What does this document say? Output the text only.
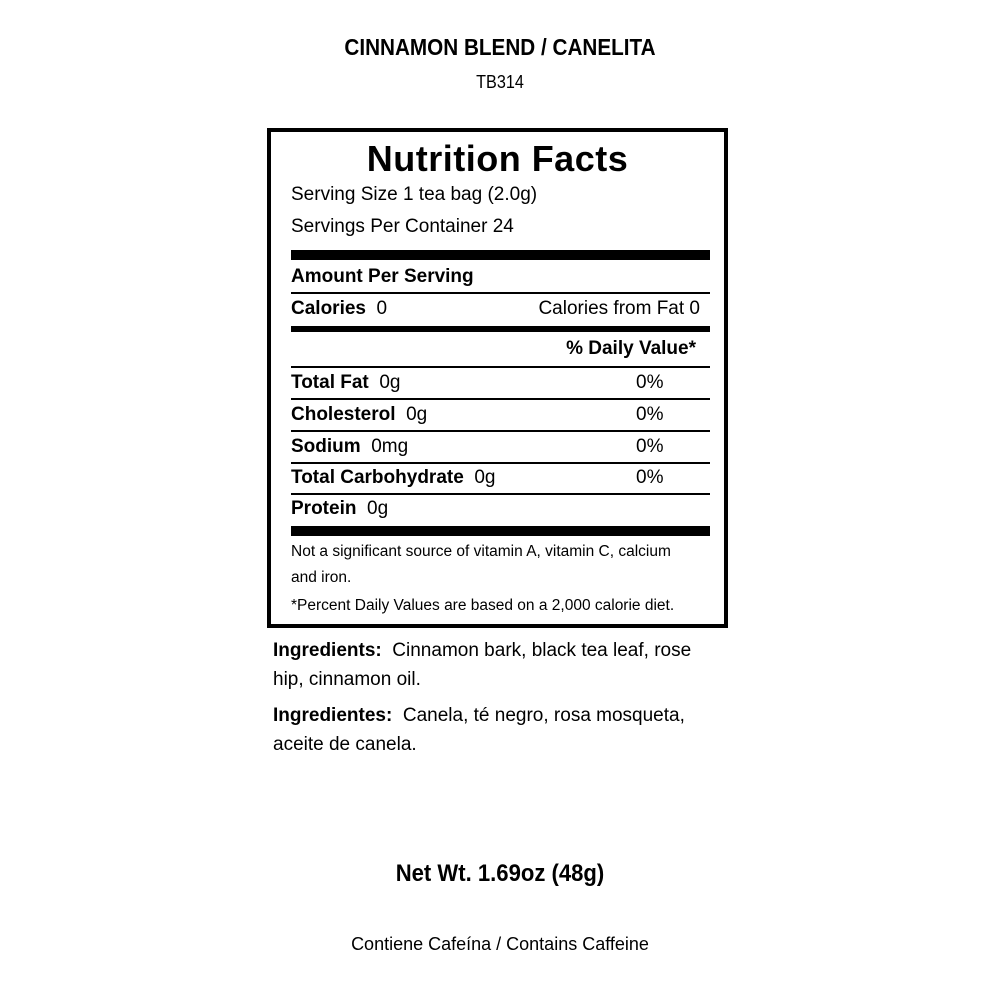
CINNAMON BLEND / CANELITA
TB314
Nutrition Facts
Serving Size 1 tea bag (2.0g)
Servings Per Container 24
Amount Per Serving
Calories 0	Calories from Fat 0
% Daily Value*
Total Fat 0g	0%
Cholesterol 0g	0%
Sodium 0mg	0%
Total Carbohydrate 0g	0%
Protein 0g
Not a significant source of vitamin A, vitamin C, calcium
and iron.
*Percent Daily Values are based on a 2,000 calorie diet.
Ingredients: Cinnamon bark, black tea leaf, rose
hip, cinnamon oil.
Ingredientes: Canela, té negro, rosa mosqueta,
aceite de canela.
Net Wt. 1.69oz (48g)
Contiene Cafeína / Contains Caffeine
